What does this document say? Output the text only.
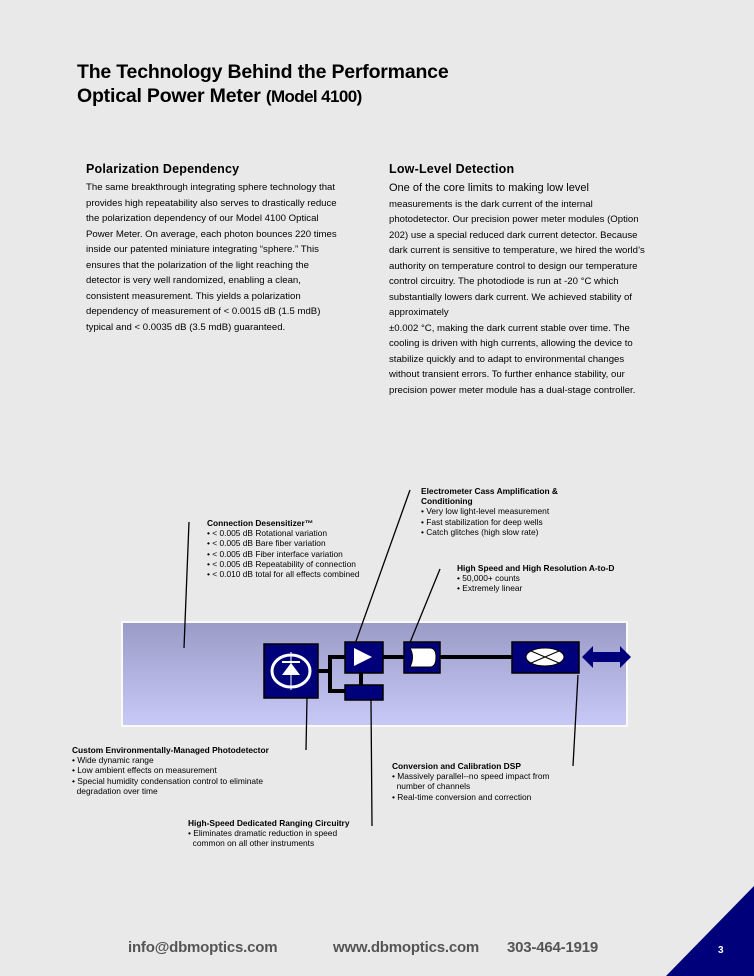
The Technology Behind the Performance
Optical Power Meter (Model 4100)
Polarization Dependency

The same breakthrough integrating sphere technology that

provides high repeatability also serves to drastically reduce

the polarization dependency of our Model 4100 Optical

Power Meter. On average, each photon bounces 220 times

inside our patented miniature integrating “sphere.” This

ensures that the polarization of the light reaching the

detector is very well randomized, enabling a clean,

consistent measurement. This yields a polarization

dependency of measurement of < 0.0015 dB (1.5 mdB)

typical and < 0.0035 dB (3.5 mdB) guaranteed.

Low-Level Detection

One of the core limits to making low level

measurements is the dark current of the internal

photodetector. Our precision power meter modules (Option

202) use a special reduced dark current detector. Because

dark current is sensitive to temperature, we hired the world’s

authority on temperature control to design our temperature

control circuitry. The photodiode is run at -20 °C which

substantially lowers dark current. We achieved stability of

approximately

±0.002 °C, making the dark current stable over time. The

cooling is driven with high currents, allowing the device to

stabilize quickly and to adapt to environmental changes

without transient errors. To further enhance stability, our

precision power meter module has a dual-stage controller.

Connection Desensitizer™
• < 0.005 dB Rotational variation
• < 0.005 dB Bare fiber variation
• < 0.005 dB Fiber interface variation
• < 0.005 dB Repeatability of connection
• < 0.010 dB total for all effects combined
Electrometer Cass Amplification &
Conditioning
• Very low light-level measurement
• Fast stabilization for deep wells
• Catch glitches (high slow rate)
High Speed and High Resolution A-to-D
• 50,000+ counts
• Extremely linear
Custom Environmentally-Managed Photodetector
• Wide dynamic range
• Low ambient effects on measurement
• Special humidity condensation control to eliminate
degradation over time
Conversion and Calibration DSP
• Massively parallel--no speed impact from
number of channels
• Real-time conversion and correction
High-Speed Dedicated Ranging Circuitry
• Eliminates dramatic reduction in speed
common on all other instruments
info@dbmoptics.com	www.dbmoptics.com 303-464-1919	3
